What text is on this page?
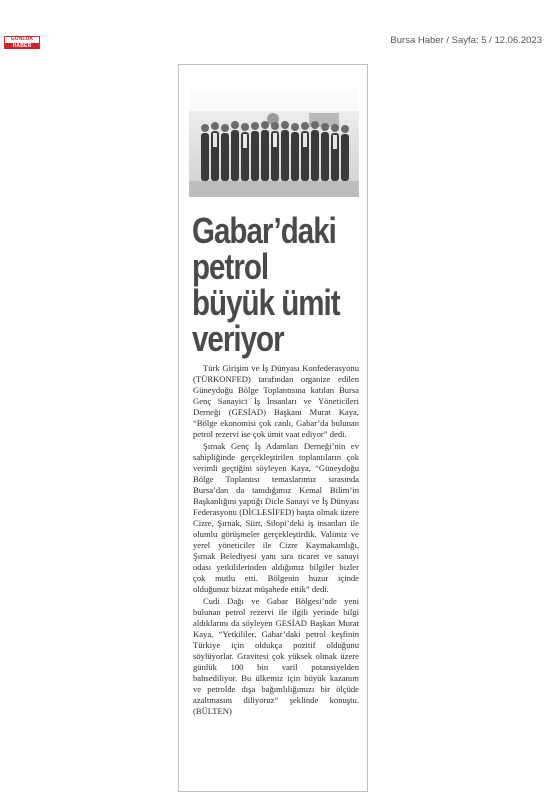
GÜNLÜK
HABER	Bursa Haber / Sayfa: 5 / 12.06.2023
Gabar’daki
petrol
büyük ümit
veriyor

Türk Girişim ve İş Dünyası Konfederasyonu (TÜRKONFED) tarafından organize edilen Güneydoğu Bölge Toplantısına katılan Bursa Genç Sanayici İş İnsanları ve Yöneticileri Derneği (GESİAD) Başkanı Murat Kaya, “Bölge ekonomisi çok canlı, Gabar’da bulunan petrol rezervi ise çok ümit vaat ediyor” dedi.

Şırnak Genç İş Adamları Derneği’nin ev sahipliğinde gerçekleştirilen toplantıların çok verimli geçtiğini söyleyen Kaya, “Güneydoğu Bölge Toplantısı temaslarımız sırasında Bursa’dan da tanıdığımız Kemal Bilim’in Başkanlığını yaptığı Dicle Sanayi ve İş Dünyası Federasyonu (DİCLESİFED) başta olmak üzere Cizre, Şırnak, Siirt, Silopi’deki iş insanları ile olumlu görüşmeler gerçekleştirdik. Valimiz ve yerel yöneticiler ile Cizre Kaymakamlığı, Şırnak Belediyesi yanı sıra ticaret ve sanayi odası yetkililerinden aldığımız bilgiler bizler çok mutlu etti. Bölgenin huzur içinde olduğunuz bizzat müşahede ettik” dedi.

Cudi Dağı ve Gabar Bölgesi’nde yeni bulunan petrol rezervi ile ilgili yerinde bilgi aldıklarını da söyleyen GESİAD Başkan Murat Kaya, “Yetkililer, Gabar’daki petrol keşfinin Türkiye için oldukça pozitif olduğunu söylüyorlar. Gravitesi çok yüksek olmak üzere günlük 100 bin varil potansiyelden bahsediliyor. Bu ülkemiz için büyük kazanım ve petrolde dışa bağımlılığımızı bir ölçüde azaltmasını diliyoruz” şeklinde konuştu.(BÜLTEN)
